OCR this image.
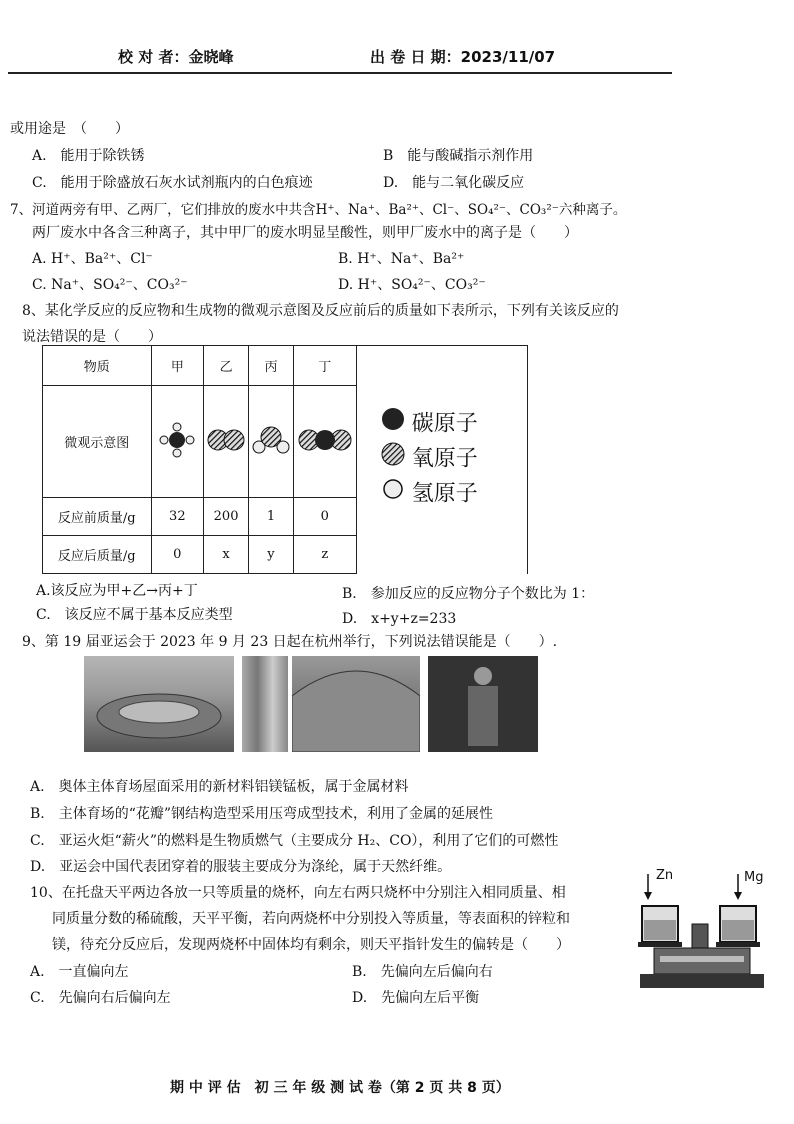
校 对 者：金晓峰	出 卷 日 期：2023/11/07
或用途是　（　　）
A.　能用于除铁锈	B　能与酸碱指示剂作用
C.　能用于除盛放石灰水试剂瓶内的白色痕迹	D.　能与二氧化碳反应
7、河道两旁有甲、乙两厂，它们排放的废水中共含H⁺、Na⁺、Ba²⁺、Cl⁻、SO₄²⁻、CO₃²⁻六种离子。
两厂废水中各含三种离子，其中甲厂的废水明显呈酸性，则甲厂废水中的离子是（　　）
A. H⁺、Ba²⁺、Cl⁻	B. H⁺、Na⁺、Ba²⁺
C. Na⁺、SO₄²⁻、CO₃²⁻	D. H⁺、SO₄²⁻、CO₃²⁻
8、某化学反应的反应物和生成物的微观示意图及反应前后的质量如下表所示，下列有关该反应的
说法错误的是（　　）
物质	甲	乙	丙	丁	碳原子
氧原子
氢原子

微观示意图				
反应前质量/g	32	200	1	0	
反应后质量/g	0	x	y	z	
A.该反应为甲+乙→丙+丁	B.　参加反应的反应物分子个数比为 1：
C.　该反应不属于基本反应类型	D.　x+y+z=233
9、第 19 届亚运会于 2023 年 9 月 23 日起在杭州举行，下列说法错误能是（　　）.
A.　奥体主体育场屋面采用的新材料铝镁锰板，属于金属材料
B.　主体育场的“花瓣”钢结构造型采用压弯成型技术，利用了金属的延展性
C.　亚运火炬“薪火”的燃料是生物质燃气（主要成分 H₂、CO），利用了它们的可燃性
D.　亚运会中国代表团穿着的服装主要成分为涤纶，属于天然纤维。
10、在托盘天平两边各放一只等质量的烧杯，向左右两只烧杯中分别注入相同质量、相
同质量分数的稀硫酸，天平平衡，若向两烧杯中分别投入等质量，等表面积的锌粒和
镁，待充分反应后，发现两烧杯中固体均有剩余，则天平指针发生的偏转是（　　）
A.　一直偏向左	B.　先偏向左后偏向右
C.　先偏向右后偏向左	D.　先偏向左后平衡
Zn	Mg
期 中 评 估　初 三 年 级 测 试 卷（第 2 页 共 8 页）
